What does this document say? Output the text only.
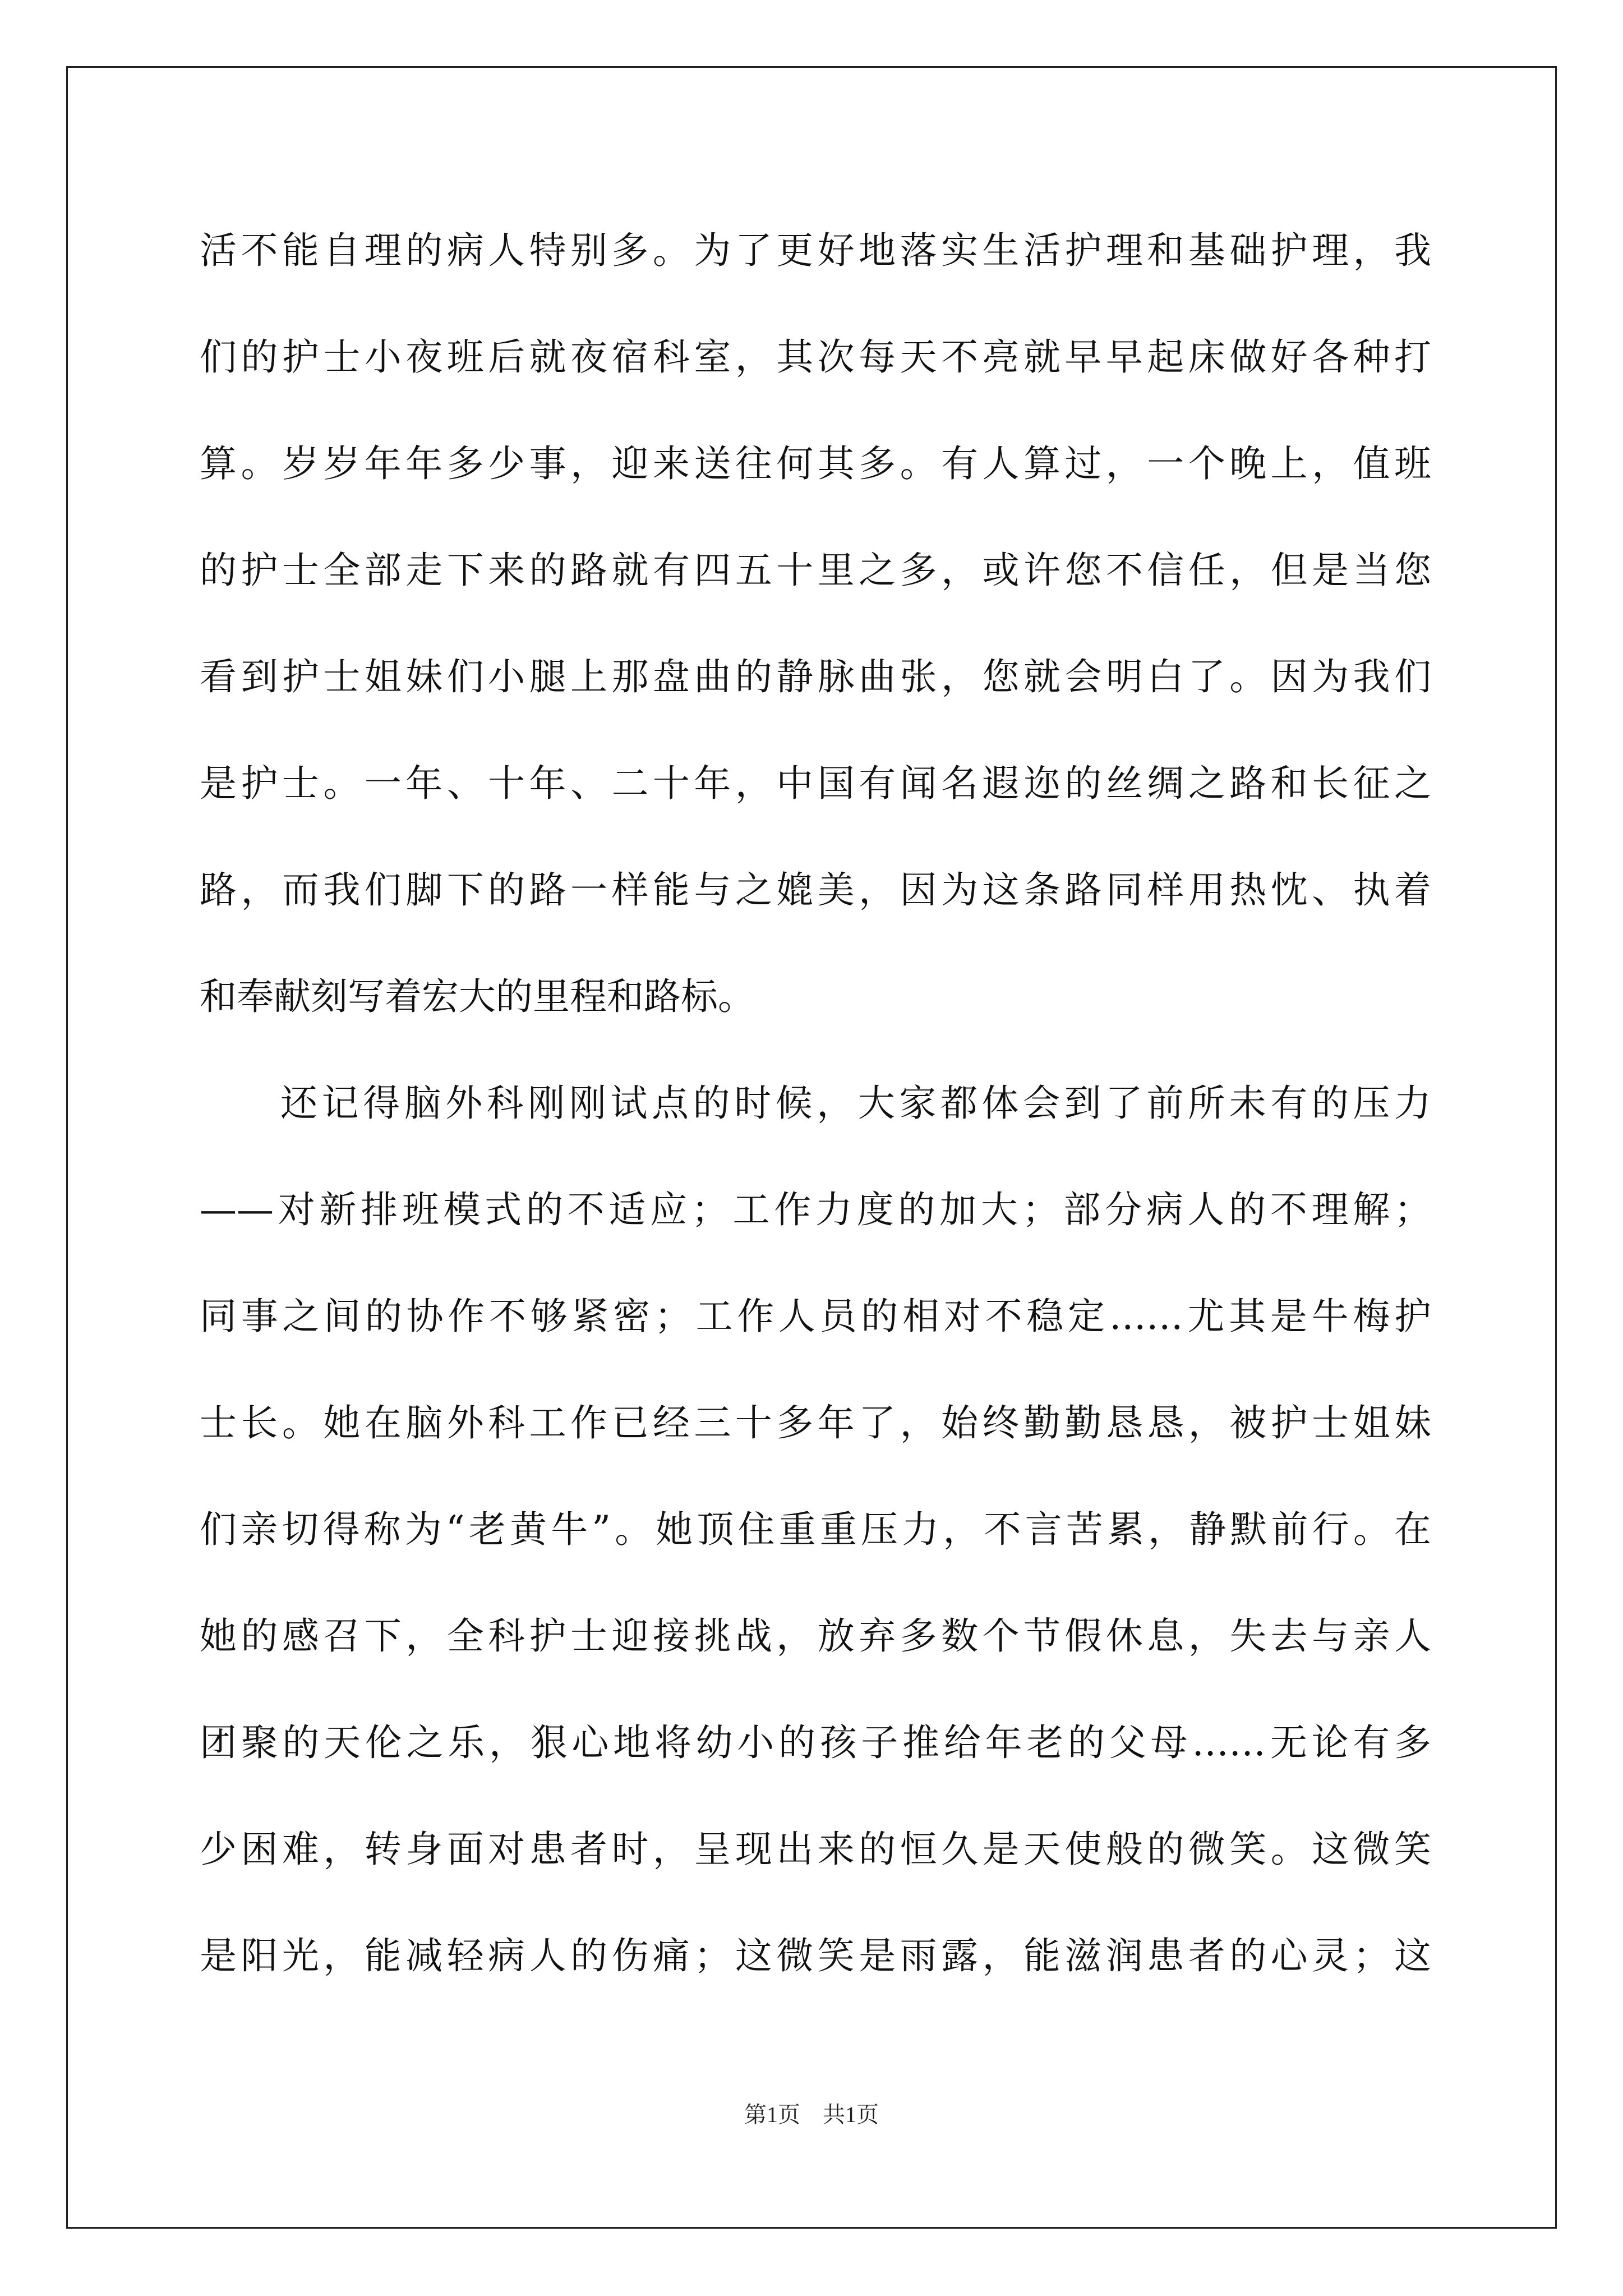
活不能自理的病人特别多。为了更好地落实生活护理和基础护理，我
们的护士小夜班后就夜宿科室，其次每天不亮就早早起床做好各种打
算。岁岁年年多少事，迎来送往何其多。有人算过，一个晚上，值班
的护士全部走下来的路就有四五十里之多，或许您不信任，但是当您
看到护士姐妹们小腿上那盘曲的静脉曲张，您就会明白了。因为我们
是护士。一年、十年、二十年，中国有闻名遐迩的丝绸之路和长征之
路，而我们脚下的路一样能与之媲美，因为这条路同样用热忱、执着
和奉献刻写着宏大的里程和路标。
还记得脑外科刚刚试点的时候，大家都体会到了前所未有的压力
——对新排班模式的不适应；工作力度的加大；部分病人的不理解；
同事之间的协作不够紧密；工作人员的相对不稳定……尤其是牛梅护
士长。她在脑外科工作已经三十多年了，始终勤勤恳恳，被护士姐妹
们亲切得称为“老黄牛”。她顶住重重压力，不言苦累，静默前行。在
她的感召下，全科护士迎接挑战，放弃多数个节假休息，失去与亲人
团聚的天伦之乐，狠心地将幼小的孩子推给年老的父母……无论有多
少困难，转身面对患者时，呈现出来的恒久是天使般的微笑。这微笑
是阳光，能减轻病人的伤痛；这微笑是雨露，能滋润患者的心灵；这
第1页 共1页
